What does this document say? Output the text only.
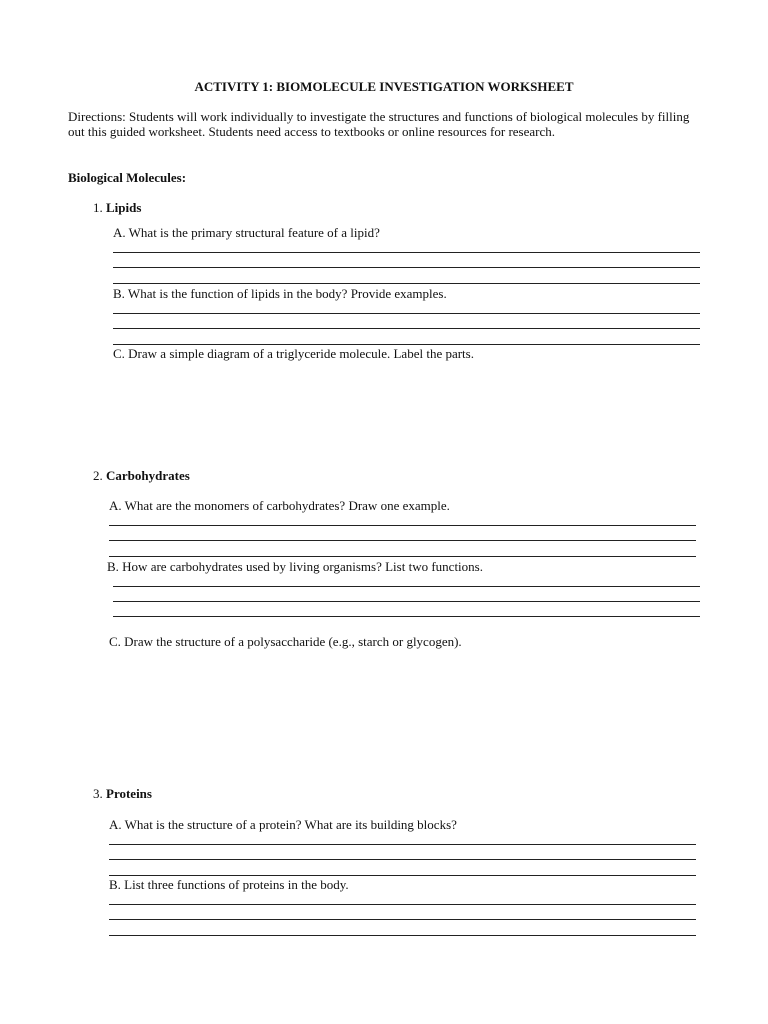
ACTIVITY 1: BIOMOLECULE INVESTIGATION WORKSHEET
Directions: Students will work individually to investigate the structures and functions of biological molecules by filling out this guided worksheet. Students need access to textbooks or online resources for research.
Biological Molecules:
1. Lipids
A. What is the primary structural feature of a lipid?
B. What is the function of lipids in the body? Provide examples.
C. Draw a simple diagram of a triglyceride molecule. Label the parts.
2. Carbohydrates
A. What are the monomers of carbohydrates? Draw one example.
B. How are carbohydrates used by living organisms? List two functions.
C. Draw the structure of a polysaccharide (e.g., starch or glycogen).
3. Proteins
A. What is the structure of a protein? What are its building blocks?
B. List three functions of proteins in the body.
